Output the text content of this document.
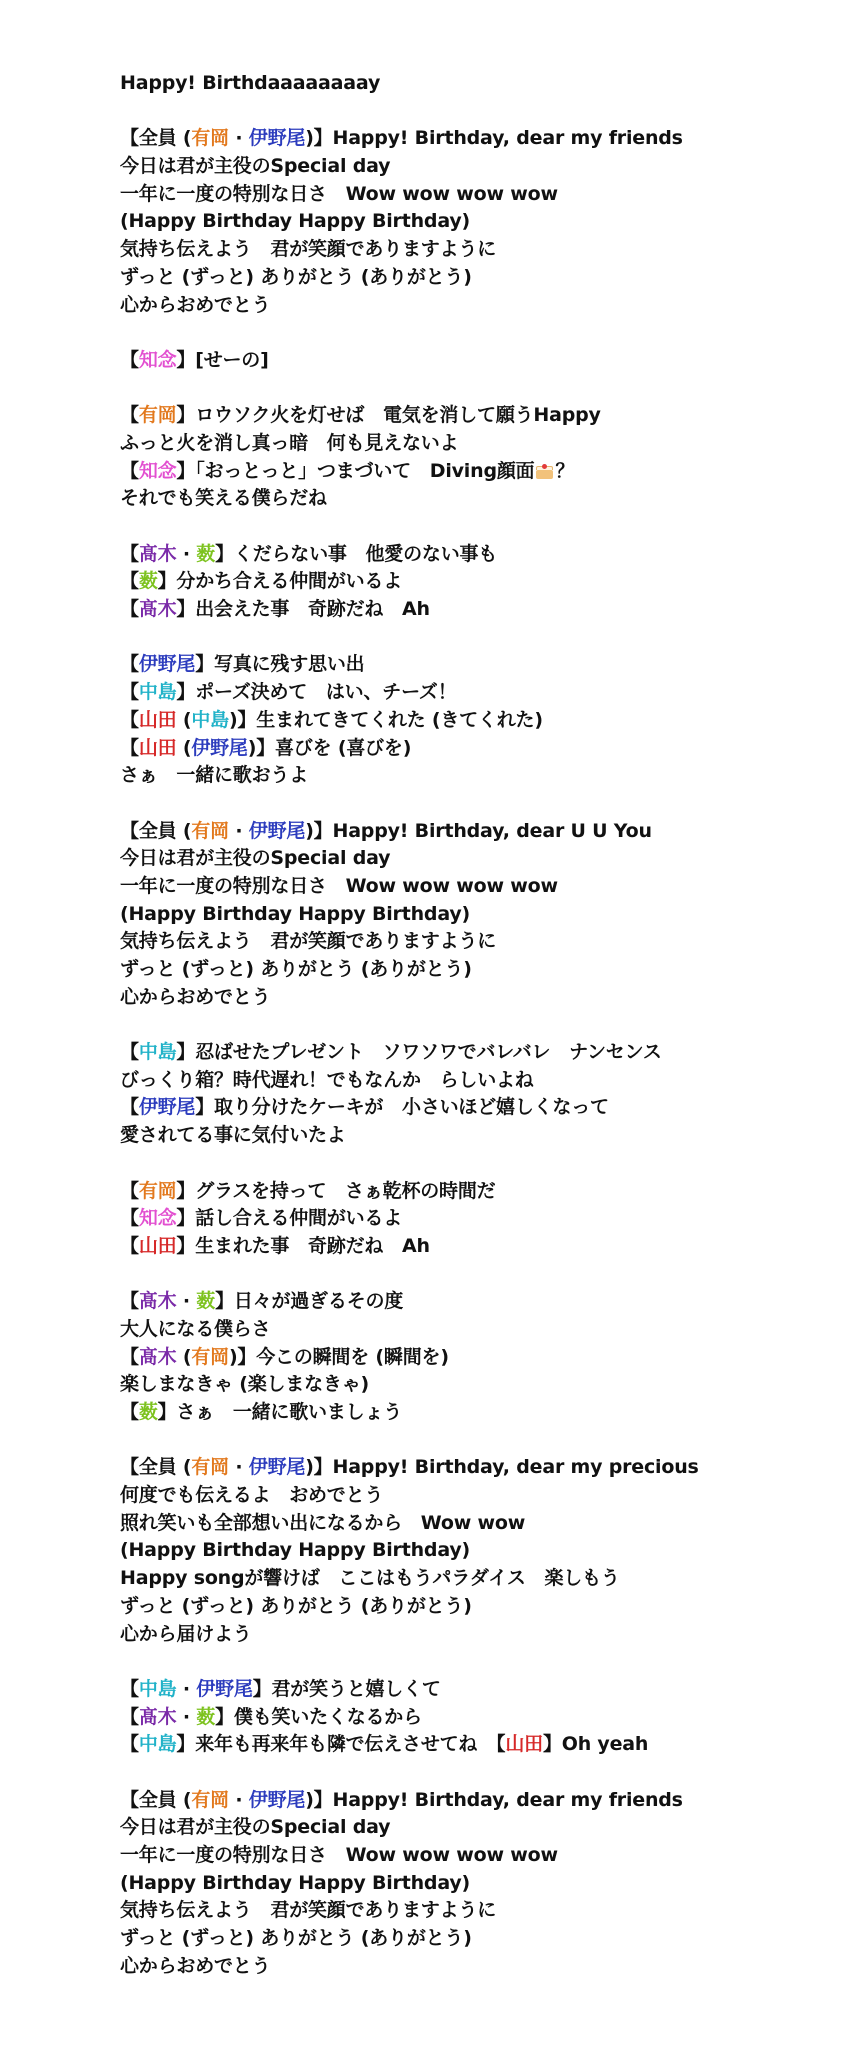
Happy! Birthdaaaaaaaay
【全員 (有岡 · 伊野尾)】Happy! Birthday, dear my friends
今日は君が主役のSpecial day
一年に一度の特別な日さ　Wow wow wow wow
(Happy Birthday Happy Birthday)
気持ち伝えよう　君が笑顔でありますように
ずっと (ずっと) ありがとう (ありがとう)
心からおめでとう
【知念】[せーの]
【有岡】ロウソク火を灯せば　電気を消して願うHappy
ふっと火を消し真っ暗　何も見えないよ
【知念】「おっとっと」つまづいて　Diving顔面 ？
それでも笑える僕らだね
【髙木 · 薮】くだらない事　他愛のない事も
【薮】分かち合える仲間がいるよ
【髙木】出会えた事　奇跡だね　Ah
【伊野尾】写真に残す思い出
【中島】ポーズ決めて　はい、チーズ！
【山田 (中島)】生まれてきてくれた (きてくれた)
【山田 (伊野尾)】喜びを (喜びを)
さぁ　一緒に歌おうよ
【全員 (有岡 · 伊野尾)】Happy! Birthday, dear U U You
今日は君が主役のSpecial day
一年に一度の特別な日さ　Wow wow wow wow
(Happy Birthday Happy Birthday)
気持ち伝えよう　君が笑顔でありますように
ずっと (ずっと) ありがとう (ありがとう)
心からおめでとう
【中島】忍ばせたプレゼント　ソワソワでバレバレ　ナンセンス
びっくり箱？時代遅れ！でもなんか　らしいよね
【伊野尾】取り分けたケーキが　小さいほど嬉しくなって
愛されてる事に気付いたよ
【有岡】グラスを持って　さぁ乾杯の時間だ
【知念】話し合える仲間がいるよ
【山田】生まれた事　奇跡だね　Ah
【髙木 · 薮】日々が過ぎるその度
大人になる僕らさ
【髙木 (有岡)】今この瞬間を (瞬間を)
楽しまなきゃ (楽しまなきゃ)
【薮】さぁ　一緒に歌いましょう
【全員 (有岡 · 伊野尾)】Happy! Birthday, dear my precious
何度でも伝えるよ　おめでとう
照れ笑いも全部想い出になるから　Wow wow
(Happy Birthday Happy Birthday)
Happy songが響けば　ここはもうパラダイス　楽しもう
ずっと (ずっと) ありがとう (ありがとう)
心から届けよう
【中島 · 伊野尾】君が笑うと嬉しくて
【髙木 · 薮】僕も笑いたくなるから
【中島】来年も再来年も隣で伝えさせてね　【山田】Oh yeah
【全員 (有岡 · 伊野尾)】Happy! Birthday, dear my friends
今日は君が主役のSpecial day
一年に一度の特別な日さ　Wow wow wow wow
(Happy Birthday Happy Birthday)
気持ち伝えよう　君が笑顔でありますように
ずっと (ずっと) ありがとう (ありがとう)
心からおめでとう
